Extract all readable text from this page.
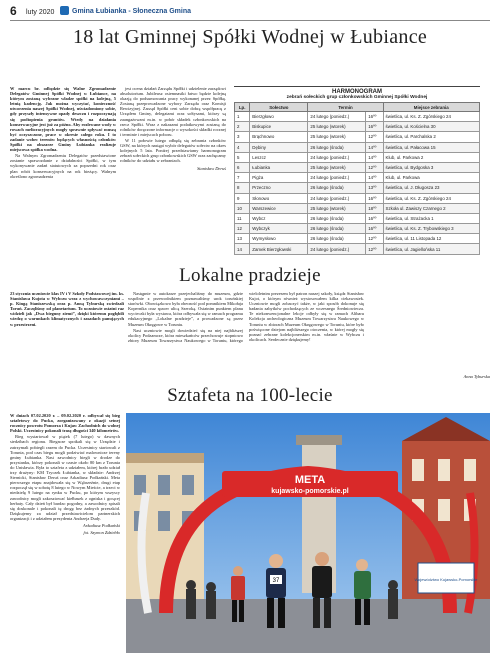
6 luty 2020	Gmina Łubianka - Słoneczna Gmina
18 lat Gminnej Spółki Wodnej w Łubiance

W marcu br. odbędzie się Walne Zgromadzenie Delegatów Gminnej Spółki Wodnej w Łubiance, na którym zostaną wybrane władze spółki na kolejną, 5 letnią kadencję. Jak można wyczytać, konieczność utworzenia naszej Spółki Wodnej, uświadomiony sobie, gdy przyszły intensywne opady deszczu i rozpoczynają się podtopienia gruntów. Wtedy na działania konserwacyjne jest już za późno. Aby rozlewane wody w rowach melioracyjnych mogły sprawnie spływać muszą być oczyszczone, prace w okresie całego roku. I to zadanie wobec terenów będących własnością członków Spółki na obszarze Gminy Łubianka realizuje miejscowa spółka wodna.

Na Walnym Zgromadzeniu Delegatów przedstawione zostanie sprawozdanie z działalności Spółki, w tym wykonywanie zadań statutowych za poprzedni rok oraz plan robót konserwacyjnych na rok bieżący. Walnym określono zgromadzenia

jest ocena działań Zarządu Spółki i udzielenie zarządowi absolutorium. Jubileusz osiemnastki łatwo będzie kolejną okazją do podsumowania pracy wykonanej przez Spółkę. Zostaną przeprowadzone wybory Zarządu oraz Komisji Rewizyjnej. Zarząd Spółki ceni sobie dobrą współpracę z Urzędem Gminy, delegatami oraz sołtysami, którzy są zaangażowani m.in. w pobór składek członkowskich na rzecz Spółki. Wraz z nakazami podatkowymi zostaną do rolników doręczone informacje o wysokości składki rocznej i terminie i miejscach poboru.

W 11 połowie lutego odbędą się zebrania członków GSW, na których nastąpi wybór delegatów sołectw na okres kolejnych 5 lata. Poniżej przedstawiamy harmonogram zebrań sołeckich grup członkowskich GSW oraz zachęcamy rolników do udziału w zebraniach.

Stanisław Deruś
HARMONOGRAM
zebrań sołeckich grup członkowskich Gminnej Spółki Wodnej
Lp.	Sołectwo	Termin		Miejsce zebrania
1	Bierzgłowo	24 lutego (poniedz.)	16ºº	świetlica, ul. Ks. Z. Zgórskiego 24
2	Biskupice	25 lutego (wtorek)	16ºº	świetlica, ul. Kościelna 30
3	Brąchnowo	25 lutego (wtorek)	12ºº	świetlica, ul. Parchalska 2
4	Dębiny	26 lutego (środa)	14ºº	świetlica, ul. Pałacowa 15
5	Leszcz	24 lutego (poniedz.)	14ºº	Klub, ul. Parkowa 2
6	Łubianka	25 lutego (wtorek)	12ºº	świetlica, ul. Bydgoska 3
7	Pigża	24 lutego (poniedz.)	14ºº	Klub, ul. Parkowa
8	Przeczno	26 lutego (środa)	13ºº	świetlica, ul. J. Długosza 23
9	Słonowo	24 lutego (poniedz.)	16ºº	świetlica, ul. Ks. Z. Zgórskiego 24
10	Warszewice	25 lutego (wtorek)	18ºº	Szkoła ul. Zawiszy Czarnego 2
11	Wybcz	26 lutego (środa)	16ºº	świetlica, ul. Strażacka 1
12	Wybczyk	26 lutego (środa)	16ºº	świetlica, ul. Ks. Z. Trybowskiego 3
13	Wymysłowo	26 lutego (środa)	12ºº	świetlica, ul. 11 Listopada 12
14	Zamek Bierzgłowski	24 lutego (poniedz.)	12ºº	świetlica, ul. Jagiellońska 11
Lokalne pradzieje

23 stycznia uczniowie klas IV i V Szkoły Podstawowej im. ks. Stanisława Kujota w Wybczu wraz z wychowawczyniami – p. Kingą Staniszewską oraz p. Anną Tyburską zwiedzali Toruń. Zaczęliśmy od planetarium. To uczniowie ostatni raz widzieli jak „Dwa bieguny ziemi”, dzięki któremu pogłębili wiedzę o warunkach klimatycznych i zasadach panujących w przestrzeni.

Następnie w autokarze przejechaliśmy do muzeum, gdzie wspólnie z przewodnikiem poznawaliśmy urok toruńskiej starówki. Obowiązkowo była obecność pod pomnikiem Mikołaja Kopernika oraz spacer ulicą Szeroką. Ostatnim punktem planu wycieczki była wystawa, która odbywała się w ramach programu edukacyjnego „Lokalne pradzieje”, a prowadzone są przez Muzeum Okręgowe w Toruniu.

Nasi uczniowie mogli dowiedzieć się na niej najbliższej okolicy Podzamcze, która mieszkańców przechowuje stopniowo zbiory Muzeum Towarzystwa Naukowego w Toruniu, którego wieloletnim prezesem był patron naszej szkoły, ksiądz Stanisław Kujot, o którym również wystosowałem kilka ciekawostek. Uczniowie mogli zobaczyć także, w jaki sposób dokonuje się badania zabytków pochodzących ze wczesnego Średniowiecza. Te niekonwencjonalne lekcje odbyły się w ramach Alibaru Kolekcja archeologiczna Muzeum Towarzystwa Naukowego w Toruniu w zbiorach Muzeum Okręgowego w Toruniu, które było poświęcone dziejom najbliższego otoczenia, w której mogły się poznać zebrane kolekcjonerskim m.in. właśnie w Wybczu i okolicach. Serdecznie dziękujemy!

Anna Tyburska
Sztafeta na 100-lecie

W dniach 07.02.2020 r. – 09.02.2020 r. odbywał się bieg sztafetowy do Pucka, zorganizowany z okazji setnej rocznicy powrotu Pomorza i Kujaw Zachodnich do wolnej Polski. Uczestnicy pokonali trasę długości 340 kilometrów.

Bieg wystartował w piątek (7 lutego) w dawnych siedzibach regionu. Biegacze spotkali się w Urzędzie i zatrzymali pobiegli razem do Pucka. Uczestnicy startowali z Torunia, pod czas biegu mogli podziwiać malownicze tereny gminy Łubianka. Nasi zawodnicy biegli w drodze do przystanku, którzy pokonali w czasie około 80 km z Torunia do Unisławia. Była to sztafeta z udziałem, której brało udział trzy drużyny: KM Tryczek Łubianka, w składzie: Andrzej Siernicki, Stanisław Deruś oraz Arkadiusz Podkański. Meta pierwszego etapu znajdowała się w Wąbrzeźnie, drugi etap rozpoczął się w sobotę 8 lutego w Nowym Mieście, a trzeci w niedzielę 9 lutego na rynku w Pucku, po którym wszyscy zawodnicy mogli zakosztować kiełbasek z ogniska i gorącej herbaty. Cały dzień był bardzo pogodny, a zawodnicy spisali się doskonale i pokonali tę drogę bez żadnych przeszkód. Dziękujemy za udział przedstawicielom partnerskich organizacji i z udziałem prezydenta Andrzeja Dudy.

Arkadiusz Podkański
fot. Szymon Zdziebło
META
kujawsko-pomorskie.pl
Województwo Kujawsko-Pomorskie
37
